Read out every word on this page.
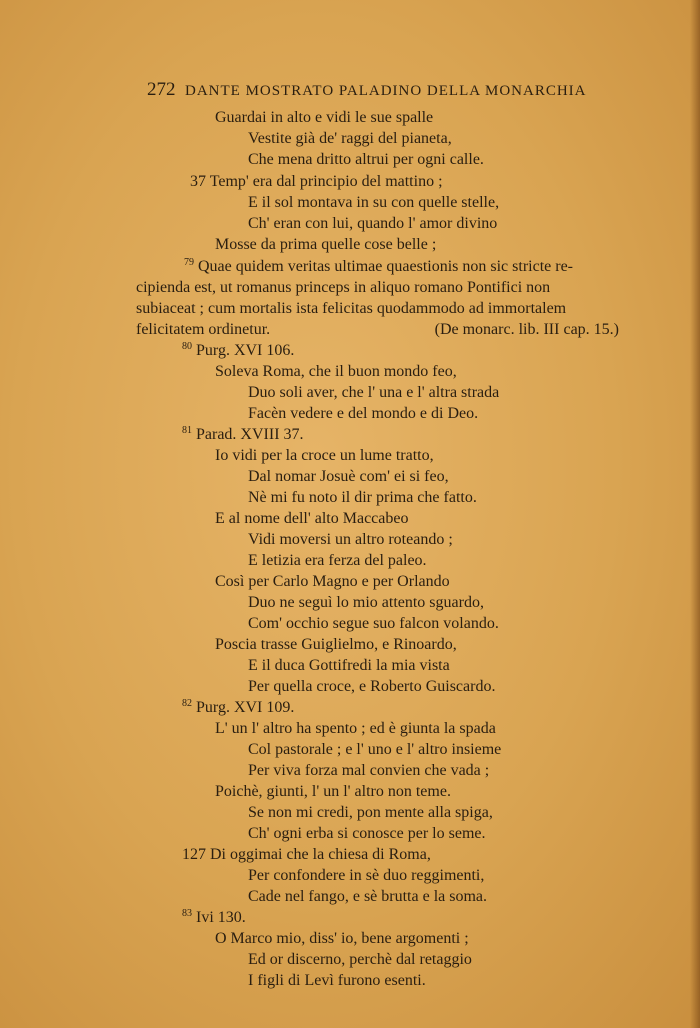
272 DANTE MOSTRATO PALADINO DELLA MONARCHIA
Guardai in alto e vidi le sue spalle
Vestite già de' raggi del pianeta,
Che mena dritto altrui per ogni calle.
37 Temp' era dal principio del mattino ;
E il sol montava in su con quelle stelle,
Ch' eran con lui, quando l' amor divino
Mosse da prima quelle cose belle ;
$^{79}$ Quae quidem veritas ultimae quaestionis non sic stricte re-
cipienda est, ut romanus princeps in aliquo romano Pontifici non
subiaceat ; cum mortalis ista felicitas quodammodo ad immortalem
felicitatem ordinetur.	(De monarc. lib. III cap. 15.)
$^{80}$ Purg. XVI 106.
Soleva Roma, che il buon mondo feo,
Duo soli aver, che l' una e l' altra strada
Facèn vedere e del mondo e di Deo.
$^{81}$ Parad. XVIII 37.
Io vidi per la croce un lume tratto,
Dal nomar Josuè com' ei si feo,
Nè mi fu noto il dir prima che fatto.
E al nome dell' alto Maccabeo
Vidi moversi un altro roteando ;
E letizia era ferza del paleo.
Così per Carlo Magno e per Orlando
Duo ne seguì lo mio attento sguardo,
Com' occhio segue suo falcon volando.
Poscia trasse Guiglielmo, e Rinoardo,
E il duca Gottifredi la mia vista
Per quella croce, e Roberto Guiscardo.
$^{82}$ Purg. XVI 109.
L' un l' altro ha spento ; ed è giunta la spada
Col pastorale ; e l' uno e l' altro insieme
Per viva forza mal convien che vada ;
Poichè, giunti, l' un l' altro non teme.
Se non mi credi, pon mente alla spiga,
Ch' ogni erba si conosce per lo seme.
127 Di oggimai che la chiesa di Roma,
Per confondere in sè duo reggimenti,
Cade nel fango, e sè brutta e la soma.
$^{83}$ Ivi 130.
O Marco mio, diss' io, bene argomenti ;
Ed or discerno, perchè dal retaggio
I figli di Levì furono esenti.
